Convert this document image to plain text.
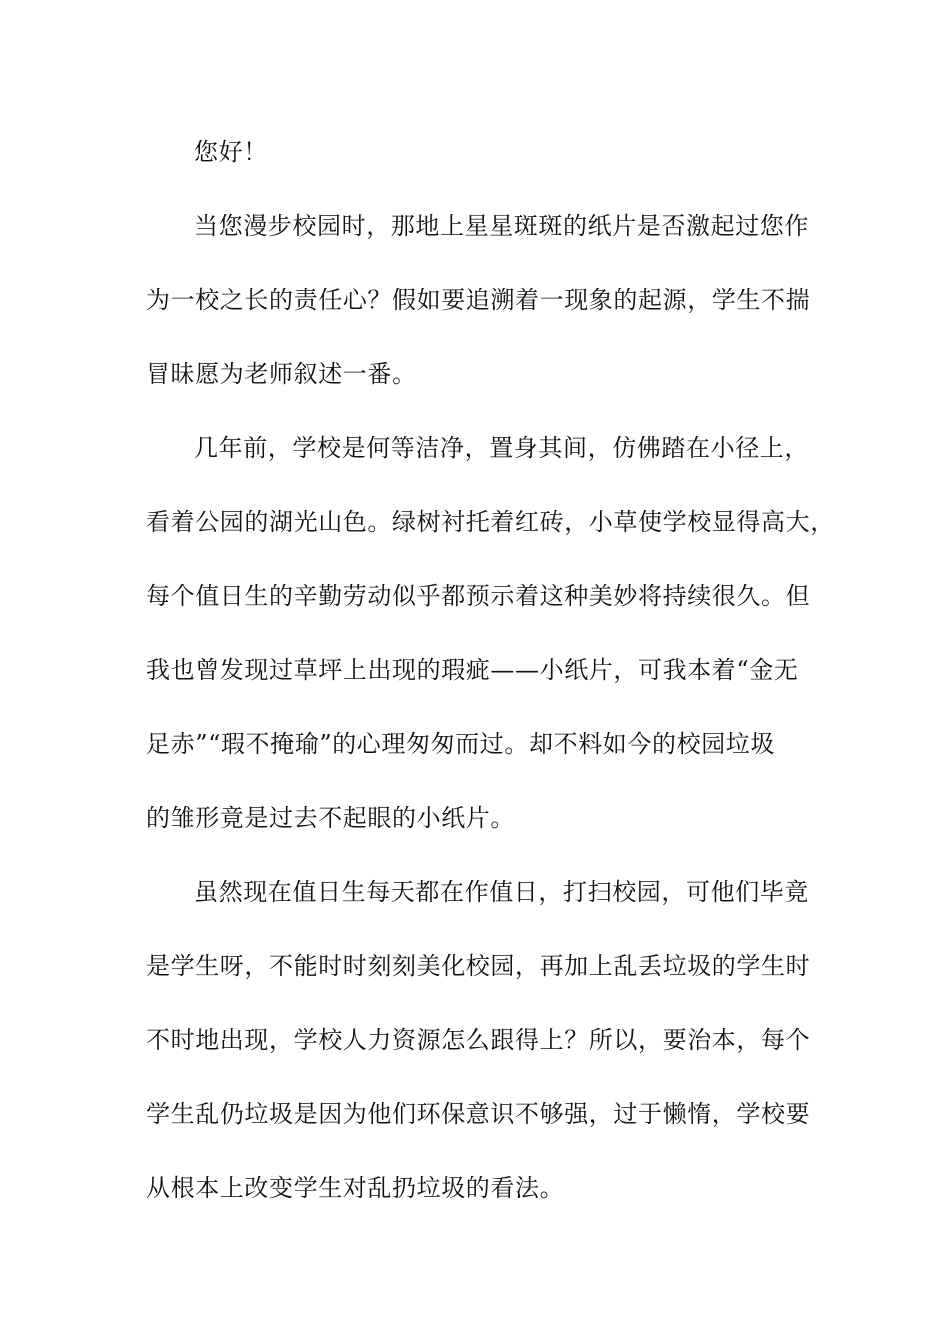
您好！
当您漫步校园时，那地上星星斑斑的纸片是否激起过您作
为一校之长的责任心？假如要追溯着一现象的起源，学生不揣
冒昧愿为老师叙述一番。
几年前，学校是何等洁净，置身其间，仿佛踏在小径上，
看着公园的湖光山色。绿树衬托着红砖，小草使学校显得高大，
每个值日生的辛勤劳动似乎都预示着这种美妙将持续很久。但
我也曾发现过草坪上出现的瑕疵——小纸片，可我本着“金无
足赤”“瑕不掩瑜”的心理匆匆而过。却不料如今的校园垃圾
的雏形竟是过去不起眼的小纸片。
虽然现在值日生每天都在作值日，打扫校园，可他们毕竟
是学生呀，不能时时刻刻美化校园，再加上乱丢垃圾的学生时
不时地出现，学校人力资源怎么跟得上？所以，要治本，每个
学生乱仍垃圾是因为他们环保意识不够强，过于懒惰，学校要
从根本上改变学生对乱扔垃圾的看法。
